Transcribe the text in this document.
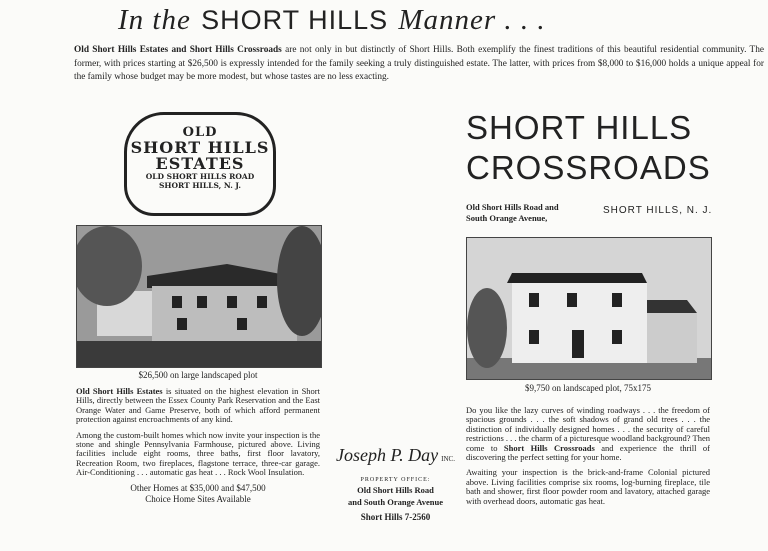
In the SHORT HILLS Manner . . .
Old Short Hills Estates and Short Hills Crossroads are not only in but distinctly of Short Hills. Both exemplify the finest traditions of this beautiful residential community. The former, with prices starting at $26,500 is expressly intended for the family seeking a truly distinguished estate. The latter, with prices from $8,000 to $16,000 holds a unique appeal for the family whose budget may be more modest, but whose tastes are no less exacting.
OLD
SHORT HILLS
ESTATES
OLD SHORT HILLS ROAD
SHORT HILLS, N. J.
$26,500 on large landscaped plot
Old Short Hills Estates is situated on the highest elevation in Short Hills, directly between the Essex County Park Reservation and the East Orange Water and Game Preserve, both of which afford permanent protection against encroachments of any kind.
Among the custom-built homes which now invite your inspection is the stone and shingle Pennsylvania Farmhouse, pictured above. Living facilities include eight rooms, three baths, first floor lavatory, Recreation Room, two fireplaces, flagstone terrace, three-car garage. Air-Conditioning . . . automatic gas heat . . . Rock Wool Insulation.
Other Homes at $35,000 and $47,500
Choice Home Sites Available
Joseph P. Day INC.
PROPERTY OFFICE:
Old Short Hills Road
and South Orange Avenue
Short Hills 7-2560
SHORT HILLS
CROSSROADS
Old Short Hills Road and
South Orange Avenue,
SHORT HILLS, N. J.
$9,750 on landscaped plot, 75x175
Do you like the lazy curves of winding roadways . . . the freedom of spacious grounds . . . the soft shadows of grand old trees . . . the distinction of individually designed homes . . . the security of careful restrictions . . . the charm of a picturesque woodland background? Then come to Short Hills Crossroads and experience the thrill of discovering the perfect setting for your home.
Awaiting your inspection is the brick-and-frame Colonial pictured above. Living facilities comprise six rooms, log-burning fireplace, tile bath and shower, first floor powder room and lavatory, attached garage with overhead doors, automatic gas heat.
